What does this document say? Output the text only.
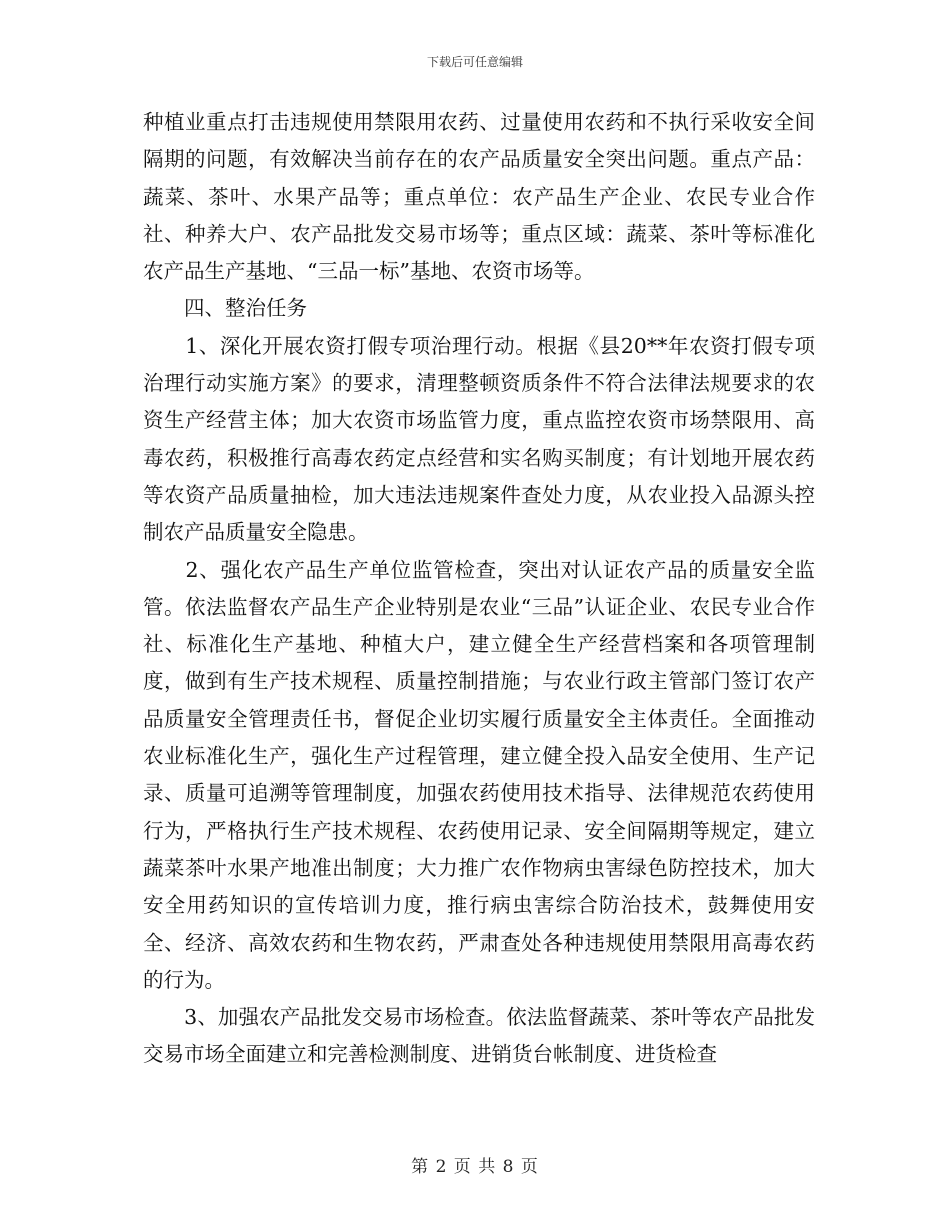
下载后可任意编辑

种植业重点打击违规使用禁限用农药、过量使用农药和不执行采收安全间隔期的问题，有效解决当前存在的农产品质量安全突出问题。重点产品：蔬菜、茶叶、水果产品等；重点单位：农产品生产企业、农民专业合作社、种养大户、农产品批发交易市场等；重点区域：蔬菜、茶叶等标准化农产品生产基地、“三品一标”基地、农资市场等。

　　四、整治任务

　　1、深化开展农资打假专项治理行动。根据《县20**年农资打假专项治理行动实施方案》的要求，清理整顿资质条件不符合法律法规要求的农资生产经营主体；加大农资市场监管力度，重点监控农资市场禁限用、高毒农药，积极推行高毒农药定点经营和实名购买制度；有计划地开展农药等农资产品质量抽检，加大违法违规案件查处力度，从农业投入品源头控制农产品质量安全隐患。

　　2、强化农产品生产单位监管检查，突出对认证农产品的质量安全监管。依法监督农产品生产企业特别是农业“三品”认证企业、农民专业合作社、标准化生产基地、种植大户，建立健全生产经营档案和各项管理制度，做到有生产技术规程、质量控制措施；与农业行政主管部门签订农产品质量安全管理责任书，督促企业切实履行质量安全主体责任。全面推动农业标准化生产，强化生产过程管理，建立健全投入品安全使用、生产记录、质量可追溯等管理制度，加强农药使用技术指导、法律规范农药使用行为，严格执行生产技术规程、农药使用记录、安全间隔期等规定，建立蔬菜茶叶水果产地准出制度；大力推广农作物病虫害绿色防控技术，加大安全用药知识的宣传培训力度，推行病虫害综合防治技术，鼓舞使用安全、经济、高效农药和生物农药，严肃查处各种违规使用禁限用高毒农药的行为。

　　3、加强农产品批发交易市场检查。依法监督蔬菜、茶叶等农产品批发交易市场全面建立和完善检测制度、进销货台帐制度、进货检查

第 2 页 共 8 页
